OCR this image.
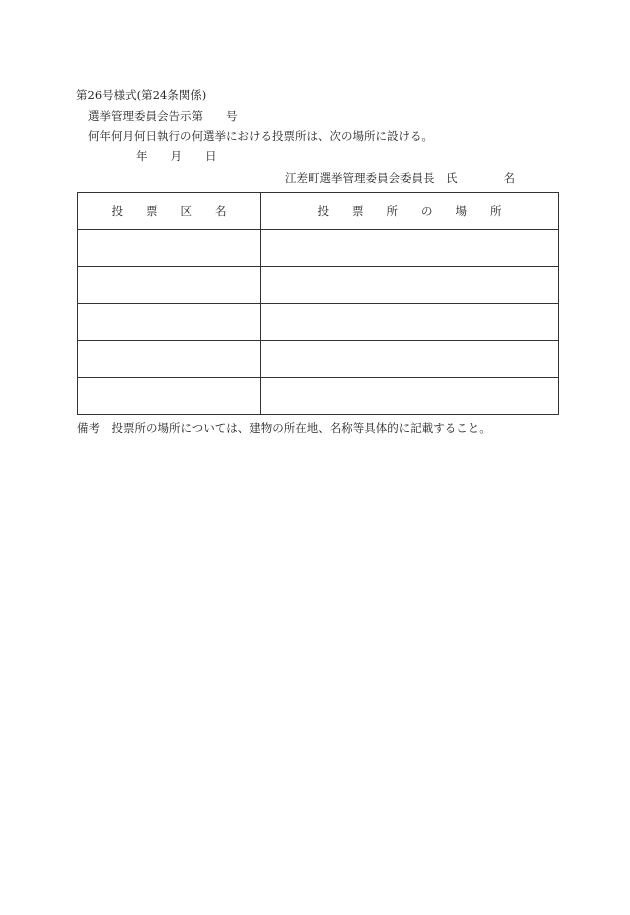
第26号様式(第24条関係)
選挙管理委員会告示第　　号
何年何月何日執行の何選挙における投票所は、次の場所に設ける。
年　　月　　日
江差町選挙管理委員会委員長　氏　　　　名
投　　票　　区　　名	投　　票　　所　　の　　場　　所

備考　投票所の場所については、建物の所在地、名称等具体的に記載すること。
